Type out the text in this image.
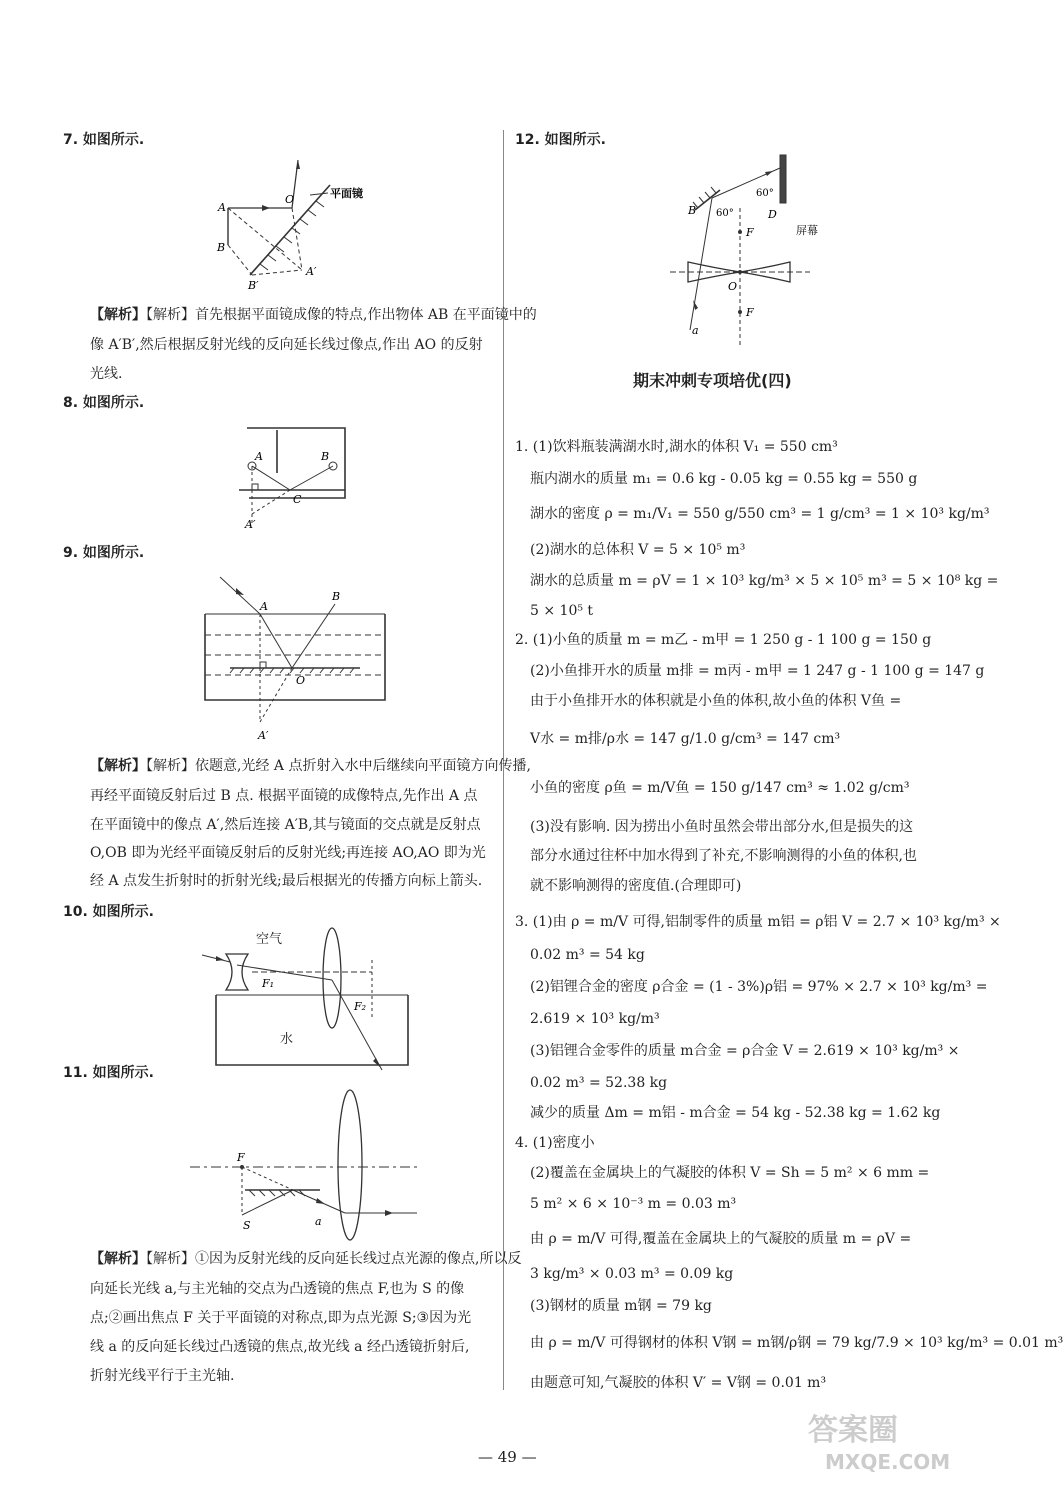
7. 如图所示.
A
B
O
B′
A′
平面镜
【解析】【解析】首先根据平面镜成像的特点,作出物体 AB 在平面镜中的
像 A′B′,然后根据反射光线的反向延长线过像点,作出 AO 的反射
光线.
8. 如图所示.
A	B
C
A′
9. 如图所示.
A
B
O
A′
【解析】【解析】依题意,光经 A 点折射入水中后继续向平面镜方向传播,
再经平面镜反射后过 B 点. 根据平面镜的成像特点,先作出 A 点
在平面镜中的像点 A′,然后连接 A′B,其与镜面的交点就是反射点
O,OB 即为光经平面镜反射后的反射光线;再连接 AO,AO 即为光
经 A 点发生折射时的折射光线;最后根据光的传播方向标上箭头.
10. 如图所示.
空气
水
F₁
F₂
11. 如图所示.
F
S	a
【解析】【解析】①因为反射光线的反向延长线过点光源的像点,所以反
向延长光线 a,与主光轴的交点为凸透镜的焦点 F,也为 S 的像
点;②画出焦点 F 关于平面镜的对称点,即为点光源 S;③因为光
线 a 的反向延长线过凸透镜的焦点,故光线 a 经凸透镜折射后,
折射光线平行于主光轴.
12. 如图所示.
B	D
F
O
F
a
60°
60°
屏幕
期末冲刺专项培优(四)
1. (1)饮料瓶装满湖水时,湖水的体积 V₁ = 550 cm³
瓶内湖水的质量 m₁ = 0.6 kg - 0.05 kg = 0.55 kg = 550 g
湖水的密度 ρ = m₁/V₁ = 550 g/550 cm³ = 1 g/cm³ = 1 × 10³ kg/m³
(2)湖水的总体积 V = 5 × 10⁵ m³
湖水的总质量 m = ρV = 1 × 10³ kg/m³ × 5 × 10⁵ m³ = 5 × 10⁸ kg =
5 × 10⁵ t
2. (1)小鱼的质量 m = m乙 - m甲 = 1 250 g - 1 100 g = 150 g
(2)小鱼排开水的质量 m排 = m丙 - m甲 = 1 247 g - 1 100 g = 147 g
由于小鱼排开水的体积就是小鱼的体积,故小鱼的体积 V鱼 =
V水 = m排/ρ水 = 147 g/1.0 g/cm³ = 147 cm³
小鱼的密度 ρ鱼 = m/V鱼 = 150 g/147 cm³ ≈ 1.02 g/cm³
(3)没有影响. 因为捞出小鱼时虽然会带出部分水,但是损失的这
部分水通过往杯中加水得到了补充,不影响测得的小鱼的体积,也
就不影响测得的密度值.(合理即可)
3. (1)由 ρ = m/V 可得,铝制零件的质量 m铝 = ρ铝 V = 2.7 × 10³ kg/m³ ×
0.02 m³ = 54 kg
(2)铝锂合金的密度 ρ合金 = (1 - 3%)ρ铝 = 97% × 2.7 × 10³ kg/m³ =
2.619 × 10³ kg/m³
(3)铝锂合金零件的质量 m合金 = ρ合金 V = 2.619 × 10³ kg/m³ ×
0.02 m³ = 52.38 kg
减少的质量 Δm = m铝 - m合金 = 54 kg - 52.38 kg = 1.62 kg
4. (1)密度小
(2)覆盖在金属块上的气凝胶的体积 V = Sh = 5 m² × 6 mm =
5 m² × 6 × 10⁻³ m = 0.03 m³
由 ρ = m/V 可得,覆盖在金属块上的气凝胶的质量 m = ρV =
3 kg/m³ × 0.03 m³ = 0.09 kg
(3)钢材的质量 m钢 = 79 kg
由 ρ = m/V 可得钢材的体积 V钢 = m钢/ρ钢 = 79 kg/7.9 × 10³ kg/m³ = 0.01 m³
由题意可知,气凝胶的体积 V′ = V钢 = 0.01 m³
— 49 —
答案圈
MXQE.COM
